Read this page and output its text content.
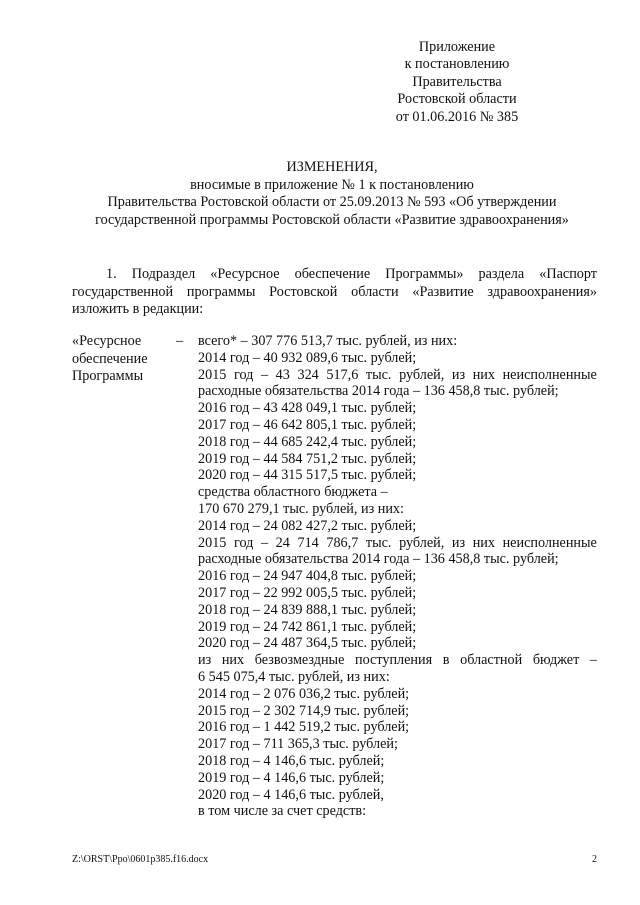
Приложение
к постановлению
Правительства
Ростовской области
от 01.06.2016 № 385
ИЗМЕНЕНИЯ,
вносимые в приложение № 1 к постановлению
Правительства Ростовской области от 25.09.2013 № 593 «Об утверждении
государственной программы Ростовской области «Развитие здравоохранения»

1. Подраздел «Ресурсное обеспечение Программы» раздела «Паспорт государственной программы Ростовской области «Развитие здравоохранения» изложить в редакции:

«Ресурсное
обеспечение
Программы
– всего* – 307 776 513,7 тыс. рублей, из них:
2014 год – 40 932 089,6 тыс. рублей;
2015 год – 43 324 517,6 тыс. рублей, из них неисполненные
расходные обязательства 2014 года – 136 458,8 тыс. рублей;
2016 год – 43 428 049,1 тыс. рублей;
2017 год – 46 642 805,1 тыс. рублей;
2018 год – 44 685 242,4 тыс. рублей;
2019 год – 44 584 751,2 тыс. рублей;
2020 год – 44 315 517,5 тыс. рублей;
средства областного бюджета –
170 670 279,1 тыс. рублей, из них:
2014 год – 24 082 427,2 тыс. рублей;
2015 год – 24 714 786,7 тыс. рублей, из них неисполненные
расходные обязательства 2014 года – 136 458,8 тыс. рублей;
2016 год – 24 947 404,8 тыс. рублей;
2017 год – 22 992 005,5 тыс. рублей;
2018 год – 24 839 888,1 тыс. рублей;
2019 год – 24 742 861,1 тыс. рублей;
2020 год – 24 487 364,5 тыс. рублей;
из них безвозмездные поступления в областной бюджет –
6 545 075,4 тыс. рублей, из них:
2014 год – 2 076 036,2 тыс. рублей;
2015 год – 2 302 714,9 тыс. рублей;
2016 год – 1 442 519,2 тыс. рублей;
2017 год – 711 365,3 тыс. рублей;
2018 год – 4 146,6 тыс. рублей;
2019 год – 4 146,6 тыс. рублей;
2020 год – 4 146,6 тыс. рублей,
в том числе за счет средств:
Z:\ORST\Ppo\0601p385.f16.docx	2
